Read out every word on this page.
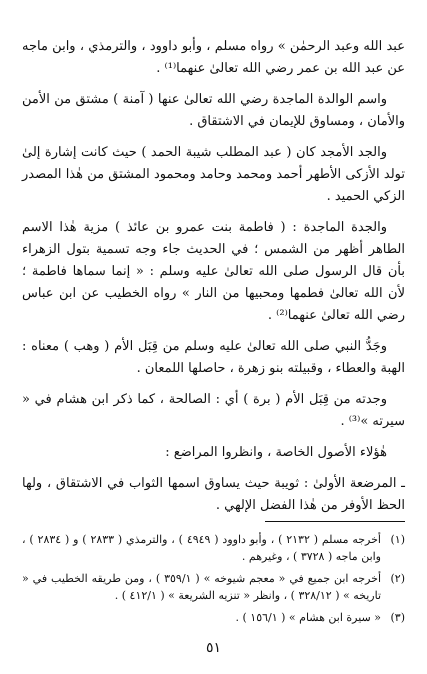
عبد الله وعبد الرحمٰن » رواه مسلم ، وأبو داوود ، والترمذي ، وابن ماجه عن عبد الله بن عمر رضي الله تعالىٰ عنهما⁽¹⁾ .

واسم الوالدة الماجدة رضي الله تعالىٰ عنها ( آمنة ) مشتق من الأمن والأمان ، ومساوق للإيمان في الاشتقاق .

والجد الأمجد كان ( عبد المطلب شيبة الحمد ) حيث كانت إشارة إلىٰ تولد الأزكى الأطهر أحمد ومحمد وحامد ومحمود المشتق من هٰذا المصدر الزكي الحميد .

والجدة الماجدة : ( فاطمة بنت عمرو بن عائذ ) مزية هٰذا الاسم الطاهر أظهر من الشمس ؛ في الحديث جاء وجه تسمية بتول الزهراء بأن قال الرسول صلى الله تعالىٰ عليه وسلم : « إنما سماها فاطمة ؛ لأن الله تعالىٰ فطمها ومحبيها من النار » رواه الخطيب عن ابن عباس رضي الله تعالىٰ عنهما⁽²⁾ .

وجَدُّ النبي صلى الله تعالىٰ عليه وسلم من قِبَل الأم ( وهب ) معناه : الهبة والعطاء ، وقبيلته بنو زهرة ، حاصلها اللمعان .

وجدته من قِبَل الأم ( برة ) أي : الصالحة ، كما ذكر ابن هشام في « سيرته »⁽³⁾ .

هٰؤلاء الأصول الخاصة ، وانظروا المراضع :

ـ المرضعة الأولىٰ : ثويبة حيث يساوق اسمها الثواب في الاشتقاق ، ولها الحظ الأوفر من هٰذا الفضل الإلهي .

(١)
أخرجه مسلم ( ٢١٣٢ ) ، وأبو داوود ( ٤٩٤٩ ) ، والترمذي ( ٢٨٣٣ ) و ( ٢٨٣٤ ) ، وابن ماجه ( ٣٧٢٨ ) ، وغيرهم .
(٢)
أخرجه ابن جميع في « معجم شيوخه » ( ٣٥٩/١ ) ، ومن طريقه الخطيب في « تاريخه » ( ٣٢٨/١٢ ) ، وانظر « تنزيه الشريعة » ( ٤١٢/١ ) .
(٣)
« سيرة ابن هشام » ( ١٥٦/١ ) .
٥١
